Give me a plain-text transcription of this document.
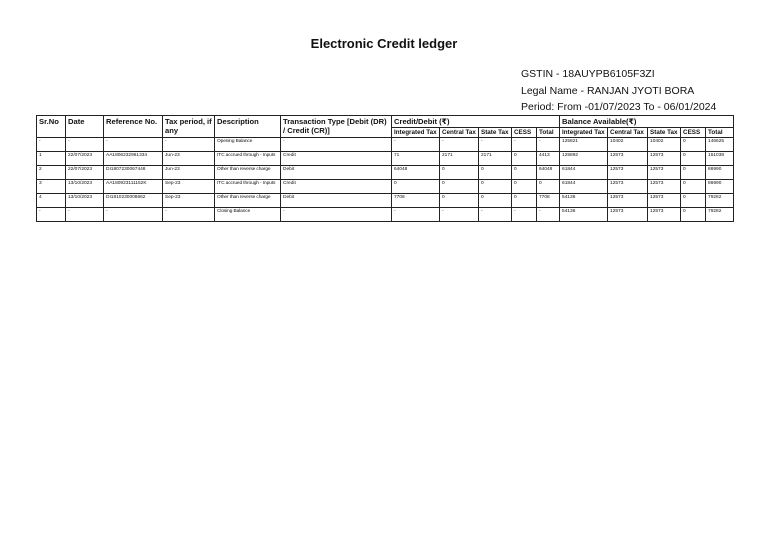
Electronic Credit ledger
GSTIN - 18AUYPB6105F3ZI
Legal Name - RANJAN JYOTI BORA
Period: From -01/07/2023 To - 06/01/2024
Sr.No	Date	Reference No.	Tax period, if any	Description	Transaction Type [Debit (DR) / Credit (CR)]	Credit/Debit (₹)					Balance Available(₹)				
						Integrated Tax	Central Tax	State Tax	CESS	Total	Integrated Tax	Central Tax	State Tax	CESS	Total
-	-	-	-	Opening Balance	-	-	-	-	-	-	125821	10402	10402	0	146625
1	22/07/2023	AA1806232961334	Jun-23	ITC accrued through - Inputs	Credit	71	2171	2171	0	4413	125892	12573	12573	0	151038
2	22/07/2023	DI1807230067448	Jun-23	Other than reverse charge	Debit	64048	0	0	0	64048	61844	12573	12573	0	86990
3	13/10/2023	AA180923111152K	Sep-23	ITC accrued through - Inputs	Credit	0	0	0	0	0	61844	12573	12573	0	86990
4	13/10/2023	DI1810230008662	Sep-23	Other than reverse charge	Debit	7708	0	0	0	7708	54136	12573	12573	0	79282
-	-	-	-	Closing Balance	-	-	-	-	-	-	54136	12573	12573	0	79282
